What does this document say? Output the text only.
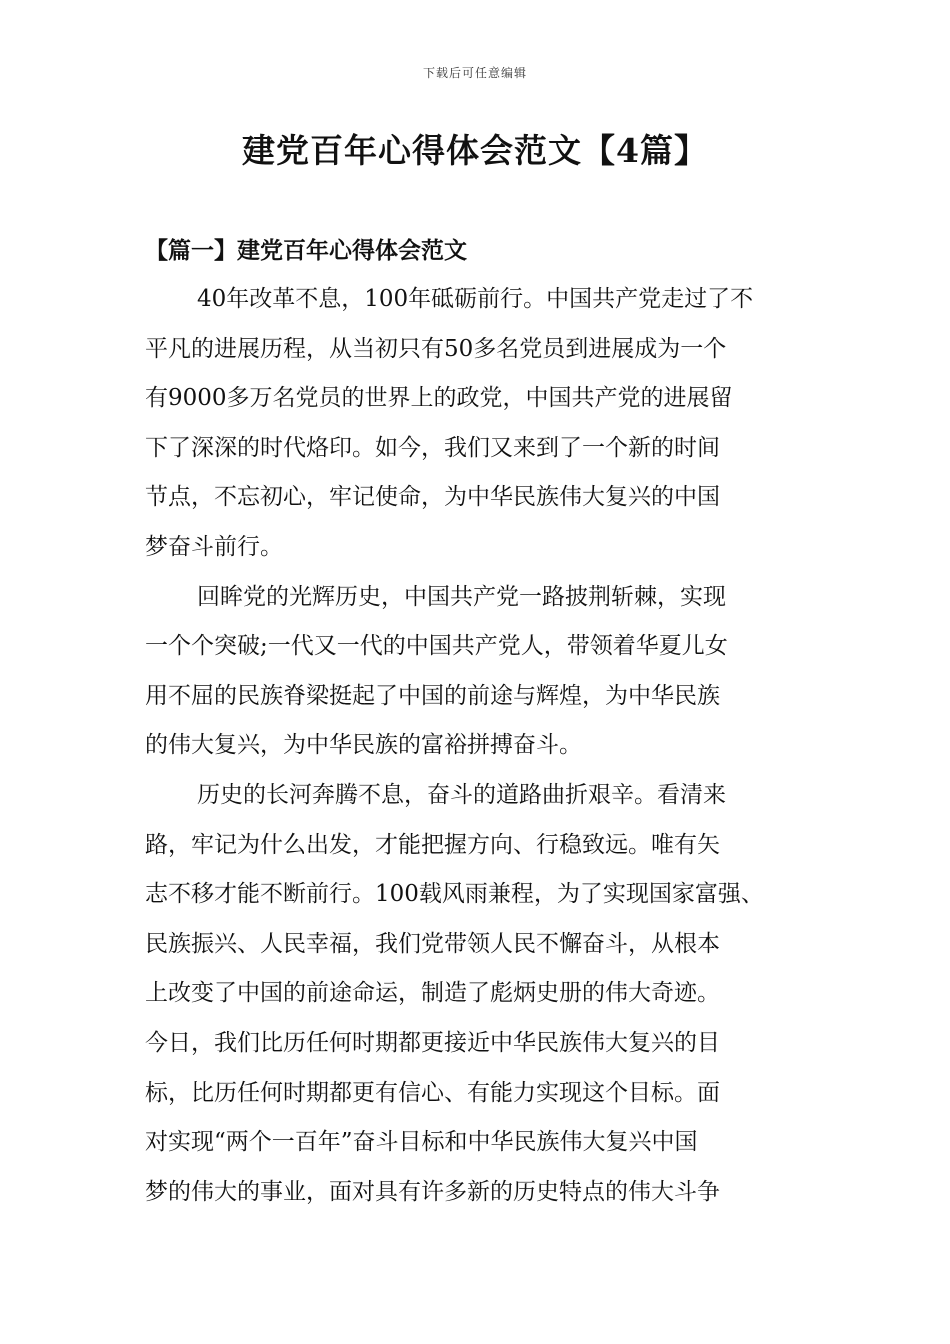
下载后可任意编辑
建党百年心得体会范文【4篇】
【篇一】建党百年心得体会范文
40年改革不息，100年砥砺前行。中国共产党走过了不
平凡的进展历程，从当初只有50多名党员到进展成为一个
有9000多万名党员的世界上的政党，中国共产党的进展留
下了深深的时代烙印。如今，我们又来到了一个新的时间
节点，不忘初心，牢记使命，为中华民族伟大复兴的中国
梦奋斗前行。
回眸党的光辉历史，中国共产党一路披荆斩棘，实现
一个个突破;一代又一代的中国共产党人，带领着华夏儿女
用不屈的民族脊梁挺起了中国的前途与辉煌，为中华民族
的伟大复兴，为中华民族的富裕拼搏奋斗。
历史的长河奔腾不息，奋斗的道路曲折艰辛。看清来
路，牢记为什么出发，才能把握方向、行稳致远。唯有矢
志不移才能不断前行。100载风雨兼程，为了实现国家富强、
民族振兴、人民幸福，我们党带领人民不懈奋斗，从根本
上改变了中国的前途命运，制造了彪炳史册的伟大奇迹。
今日，我们比历任何时期都更接近中华民族伟大复兴的目
标，比历任何时期都更有信心、有能力实现这个目标。面
对实现“两个一百年”奋斗目标和中华民族伟大复兴中国
梦的伟大的事业，面对具有许多新的历史特点的伟大斗争
